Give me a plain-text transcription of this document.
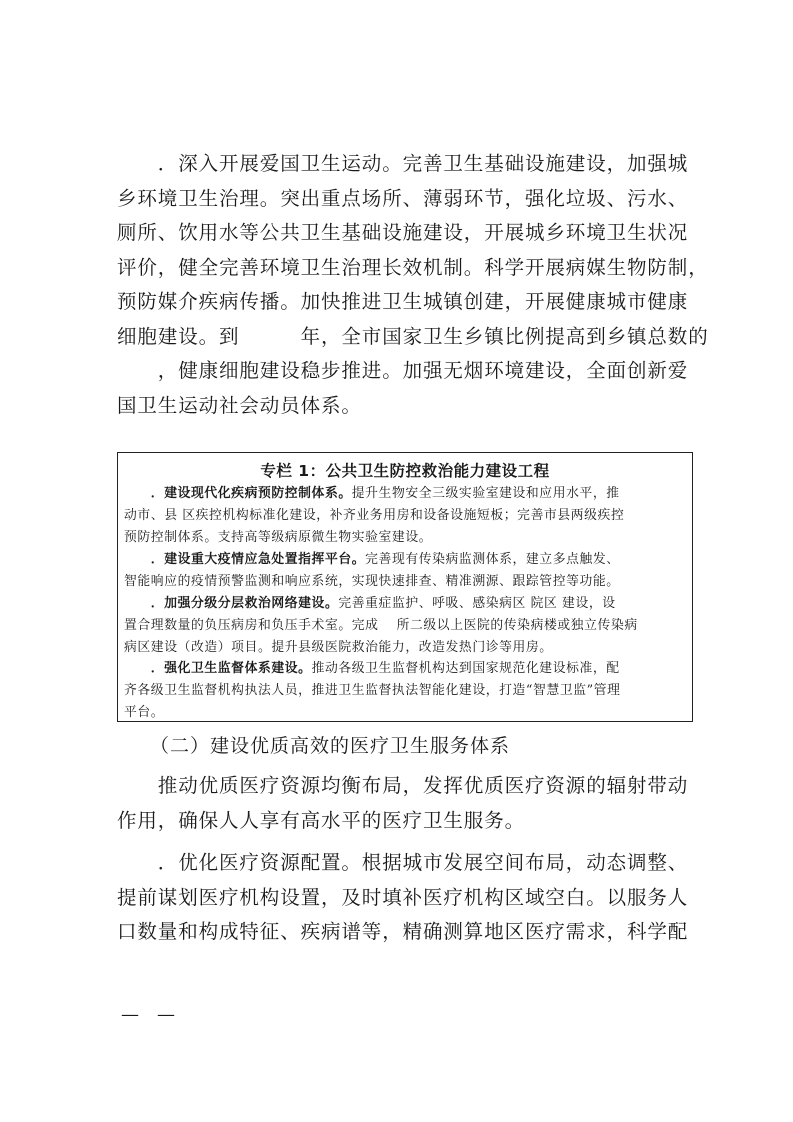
　　．深入开展爱国卫生运动。完善卫生基础设施建设，加强城
乡环境卫生治理。突出重点场所、薄弱环节，强化垃圾、污水、
厕所、饮用水等公共卫生基础设施建设，开展城乡环境卫生状况
评价，健全完善环境卫生治理长效机制。科学开展病媒生物防制，
预防媒介疾病传播。加快推进卫生城镇创建，开展健康城市健康
细胞建设。到　　　年，全市国家卫生乡镇比例提高到乡镇总数的
　　，健康细胞建设稳步推进。加强无烟环境建设，全面创新爱
国卫生运动社会动员体系。
专栏 1：公共卫生防控救治能力建设工程
　　．建设现代化疾病预防控制体系。提升生物安全三级实验室建设和应用水平，推
动市、县 区疾控机构标准化建设，补齐业务用房和设备设施短板；完善市县两级疾控
预防控制体系。支持高等级病原微生物实验室建设。
　　．建设重大疫情应急处置指挥平台。完善现有传染病监测体系，建立多点触发、
智能响应的疫情预警监测和响应系统，实现快速排查、精准溯源、跟踪管控等功能。
　　．加强分级分层救治网络建设。完善重症监护、呼吸、感染病区 院区 建设，设
置合理数量的负压病房和负压手术室。完成　 所二级以上医院的传染病楼或独立传染病
病区建设（改造）项目。提升县级医院救治能力，改造发热门诊等用房。
　　．强化卫生监督体系建设。推动各级卫生监督机构达到国家规范化建设标准，配
齐各级卫生监督机构执法人员，推进卫生监督执法智能化建设，打造“智慧卫监”管理
平台。
（二）建设优质高效的医疗卫生服务体系
　　推动优质医疗资源均衡布局，发挥优质医疗资源的辐射带动
作用，确保人人享有高水平的医疗卫生服务。
　　．优化医疗资源配置。根据城市发展空间布局，动态调整、
提前谋划医疗机构设置，及时填补医疗机构区域空白。以服务人
口数量和构成特征、疾病谱等，精确测算地区医疗需求，科学配
—　—
